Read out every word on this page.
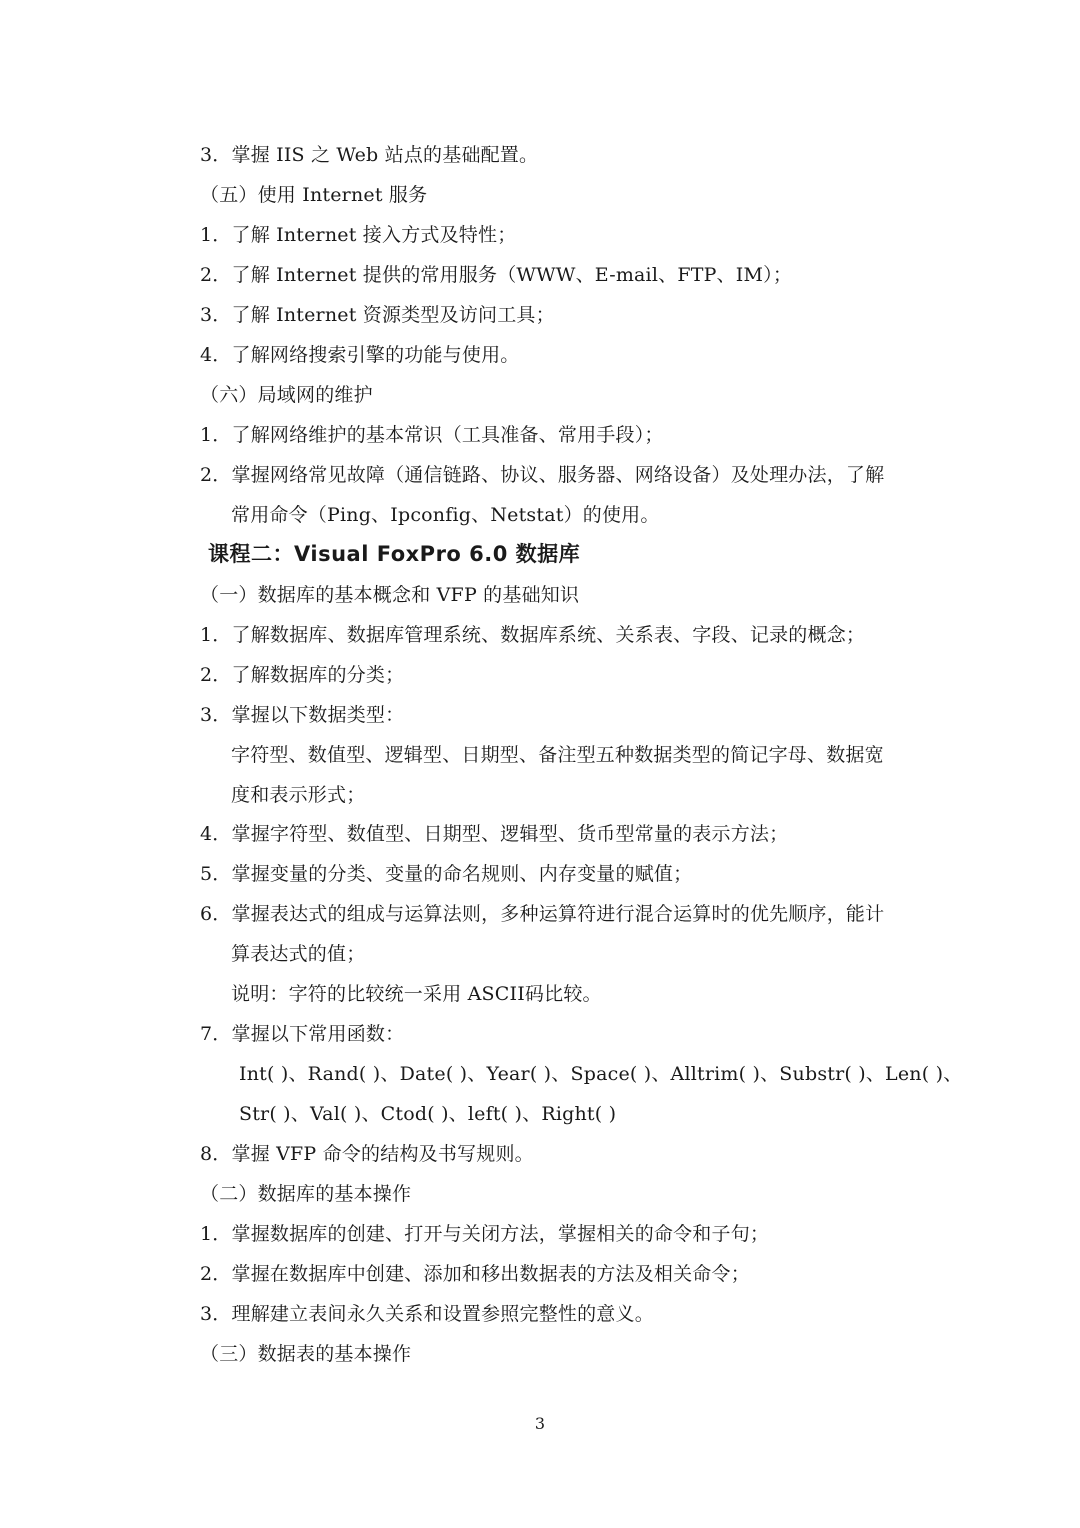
3．掌握 IIS 之 Web 站点的基础配置。
（五）使用 Internet 服务
1．了解 Internet 接入方式及特性；
2．了解 Internet 提供的常用服务（WWW、E-mail、FTP、IM）；
3．了解 Internet 资源类型及访问工具；
4．了解网络搜索引擎的功能与使用。
（六）局域网的维护
1．了解网络维护的基本常识（工具准备、常用手段）；
2．掌握网络常见故障（通信链路、协议、服务器、网络设备）及处理办法，了解
常用命令（Ping、Ipconfig、Netstat）的使用。
课程二：Visual FoxPro 6.0 数据库
（一）数据库的基本概念和 VFP 的基础知识
1．了解数据库、数据库管理系统、数据库系统、关系表、字段、记录的概念；
2．了解数据库的分类；
3．掌握以下数据类型：
字符型、数值型、逻辑型、日期型、备注型五种数据类型的简记字母、数据宽
度和表示形式；
4．掌握字符型、数值型、日期型、逻辑型、货币型常量的表示方法；
5．掌握变量的分类、变量的命名规则、内存变量的赋值；
6．掌握表达式的组成与运算法则，多种运算符进行混合运算时的优先顺序，能计
算表达式的值；
说明：字符的比较统一采用 ASCII码比较。
7．掌握以下常用函数：
Int( )、Rand( )、Date( )、Year( )、Space( )、Alltrim( )、Substr( )、Len( )、
Str( )、Val( )、Ctod( )、left( )、Right( )
8．掌握 VFP 命令的结构及书写规则。
（二）数据库的基本操作
1．掌握数据库的创建、打开与关闭方法，掌握相关的命令和子句；
2．掌握在数据库中创建、添加和移出数据表的方法及相关命令；
3．理解建立表间永久关系和设置参照完整性的意义。
（三）数据表的基本操作
3
